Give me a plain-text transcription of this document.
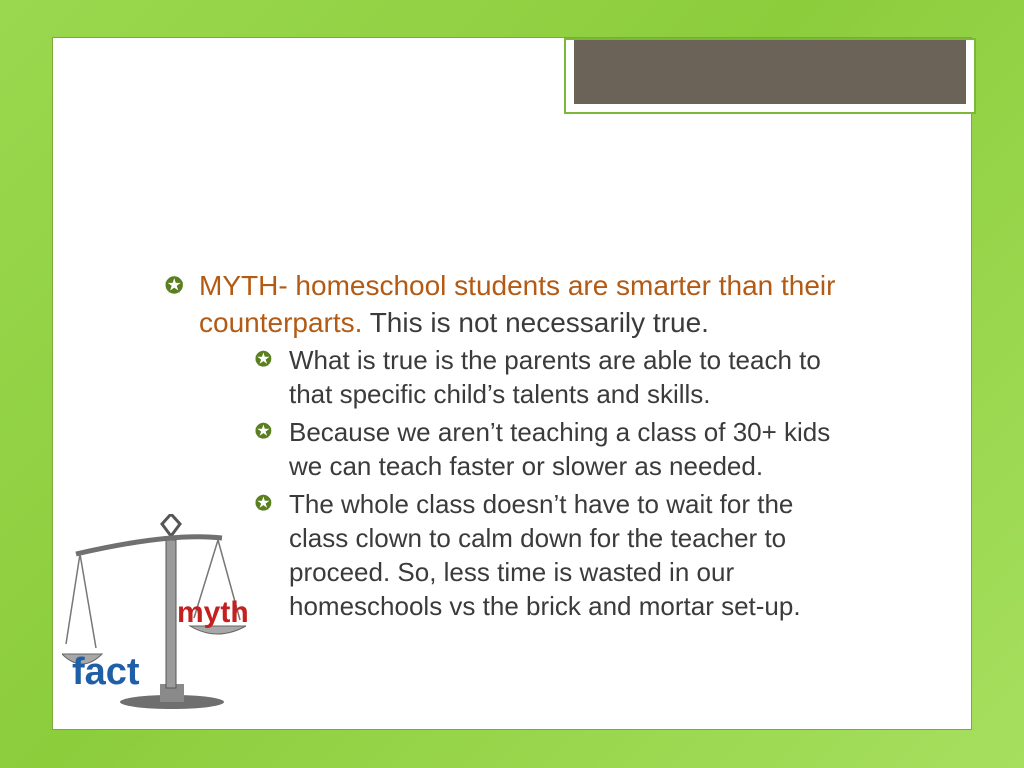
✪ MYTH- homeschool students are smarter than their counterparts. This is not necessarily true.

✪ What is true is the parents are able to teach to that specific child’s talents and skills.

✪ Because we aren’t teaching a class of 30+ kids we can teach faster or slower as needed.

✪ The whole class doesn’t have to wait for the class clown to calm down for the teacher to proceed. So, less time is wasted in our homeschools vs the brick and mortar set-up.

myth
fact
